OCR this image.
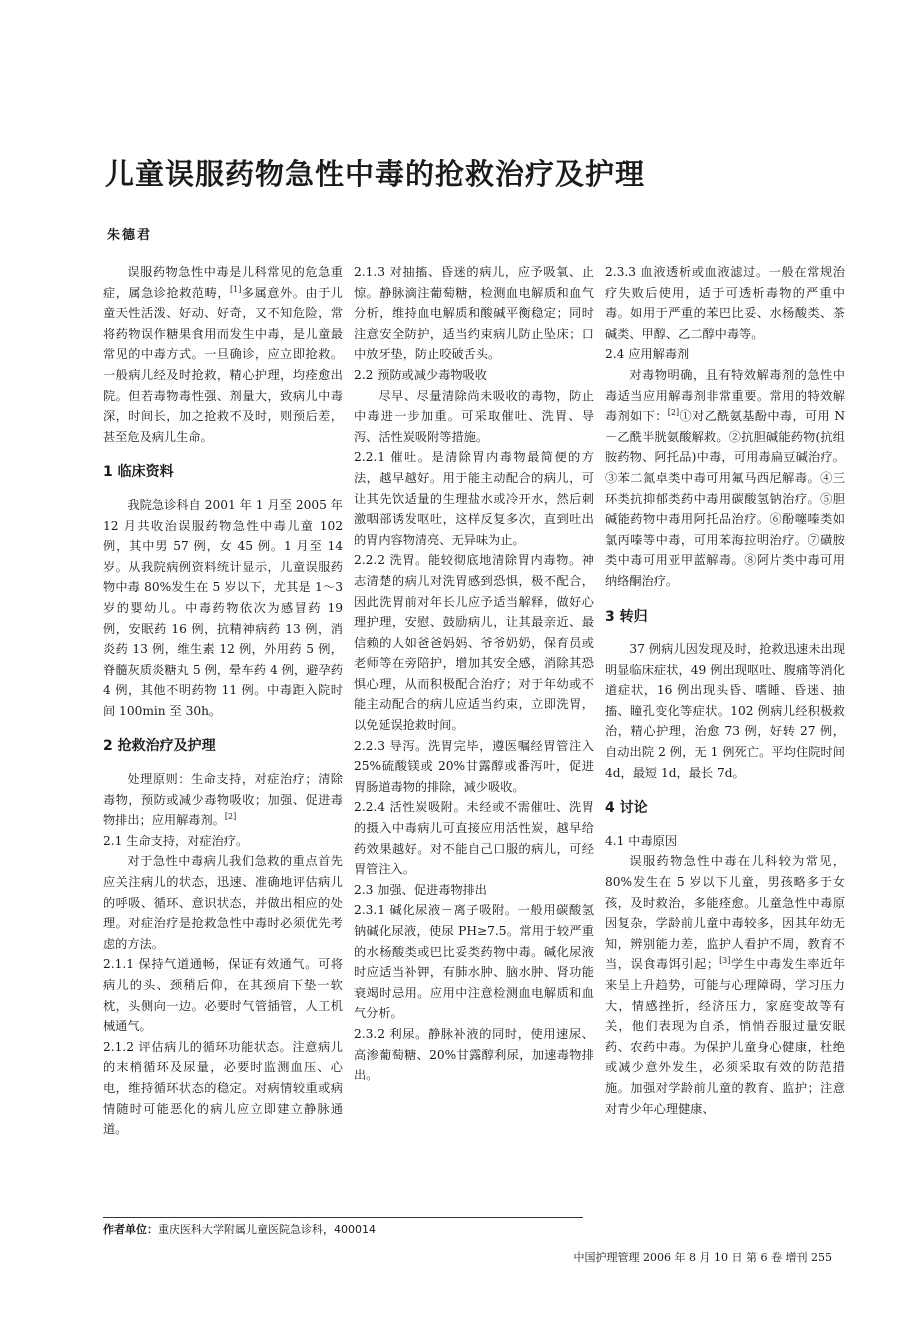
儿童误服药物急性中毒的抢救治疗及护理
朱德君

误服药物急性中毒是儿科常见的危急重症，属急诊抢救范畴，[1]多属意外。由于儿童天性活泼、好动、好奇，又不知危险，常将药物误作糖果食用而发生中毒，是儿童最常见的中毒方式。一旦确诊，应立即抢救。一般病儿经及时抢救，精心护理，均痊愈出院。但若毒物毒性强、剂量大，致病儿中毒深，时间长，加之抢救不及时，则预后差，甚至危及病儿生命。

1 临床资料

我院急诊科自 2001 年 1 月至 2005 年 12 月共收治误服药物急性中毒儿童 102 例，其中男 57 例，女 45 例。1 月至 14 岁。从我院病例资料统计显示，儿童误服药物中毒 80%发生在 5 岁以下，尤其是 1～3 岁的婴幼儿。中毒药物依次为感冒药 19 例，安眠药 16 例，抗精神病药 13 例，消炎药 13 例，维生素 12 例，外用药 5 例，脊髓灰质炎糖丸 5 例，晕车药 4 例，避孕药 4 例，其他不明药物 11 例。中毒距入院时间 100min 至 30h。

2 抢救治疗及护理

处理原则：生命支持，对症治疗；清除毒物，预防或减少毒物吸收；加强、促进毒物排出；应用解毒剂。[2]

2.1 生命支持，对症治疗。

对于急性中毒病儿我们急救的重点首先应关注病儿的状态，迅速、准确地评估病儿的呼吸、循环、意识状态，并做出相应的处理。对症治疗是抢救急性中毒时必须优先考虑的方法。

2.1.1 保持气道通畅，保证有效通气。可将病儿的头、颈稍后仰，在其颈肩下垫一软枕，头侧向一边。必要时气管插管，人工机械通气。

2.1.2 评估病儿的循环功能状态。注意病儿的末梢循环及尿量，必要时监测血压、心电，维持循环状态的稳定。对病情较重或病情随时可能恶化的病儿应立即建立静脉通道。

2.1.3 对抽搐、昏迷的病儿，应予吸氧、止惊。静脉滴注葡萄糖，检测血电解质和血气分析，维持血电解质和酸碱平衡稳定；同时注意安全防护，适当约束病儿防止坠床；口中放牙垫，防止咬破舌头。

2.2 预防或减少毒物吸收

尽早、尽量清除尚未吸收的毒物，防止中毒进一步加重。可采取催吐、洗胃、导泻、活性炭吸附等措施。

2.2.1 催吐。是清除胃内毒物最简便的方法，越早越好。用于能主动配合的病儿，可让其先饮适量的生理盐水或冷开水，然后刺激咽部诱发呕吐，这样反复多次，直到吐出的胃内容物清亮、无异味为止。

2.2.2 洗胃。能较彻底地清除胃内毒物。神志清楚的病儿对洗胃感到恐惧，极不配合，因此洗胃前对年长儿应予适当解释，做好心理护理，安慰、鼓励病儿，让其最亲近、最信赖的人如爸爸妈妈、爷爷奶奶，保育员或老师等在旁陪护，增加其安全感，消除其恐惧心理，从而积极配合治疗；对于年幼或不能主动配合的病儿应适当约束，立即洗胃，以免延误抢救时间。

2.2.3 导泻。洗胃完毕，遵医嘱经胃管注入 25%硫酸镁或 20%甘露醇或番泻叶，促进胃肠道毒物的排除，减少吸收。

2.2.4 活性炭吸附。未经或不需催吐、洗胃的摄入中毒病儿可直接应用活性炭，越早给药效果越好。对不能自己口服的病儿，可经胃管注入。

2.3 加强、促进毒物排出

2.3.1 碱化尿液－离子吸附。一般用碳酸氢钠碱化尿液，使尿 PH≥7.5。常用于较严重的水杨酸类或巴比妥类药物中毒。碱化尿液时应适当补钾，有肺水肿、脑水肿、肾功能衰竭时忌用。应用中注意检测血电解质和血气分析。

2.3.2 利尿。静脉补液的同时，使用速尿、高渗葡萄糖、20%甘露醇利尿，加速毒物排出。

2.3.3 血液透析或血液滤过。一般在常规治疗失败后使用，适于可透析毒物的严重中毒。如用于严重的苯巴比妥、水杨酸类、茶碱类、甲醇、乙二醇中毒等。

2.4 应用解毒剂

对毒物明确，且有特效解毒剂的急性中毒适当应用解毒剂非常重要。常用的特效解毒剂如下：[2]①对乙酰氨基酚中毒，可用 N－乙酰半胱氨酸解救。②抗胆碱能药物(抗组胺药物、阿托品)中毒，可用毒扁豆碱治疗。③苯二氮卓类中毒可用氟马西尼解毒。④三环类抗抑郁类药中毒用碳酸氢钠治疗。⑤胆碱能药物中毒用阿托品治疗。⑥酚噻嗪类如氯丙嗪等中毒，可用苯海拉明治疗。⑦磺胺类中毒可用亚甲蓝解毒。⑧阿片类中毒可用纳络酮治疗。

3 转归

37 例病儿因发现及时，抢救迅速未出现明显临床症状，49 例出现呕吐、腹痛等消化道症状，16 例出现头昏、嗜睡、昏迷、抽搐、瞳孔变化等症状。102 例病儿经积极救治，精心护理，治愈 73 例，好转 27 例，自动出院 2 例，无 1 例死亡。平均住院时间 4d，最短 1d，最长 7d。

4 讨论

4.1 中毒原因

误服药物急性中毒在儿科较为常见，80%发生在 5 岁以下儿童，男孩略多于女孩，及时救治，多能痊愈。儿童急性中毒原因复杂，学龄前儿童中毒较多，因其年幼无知，辨别能力差，监护人看护不周，教育不当，误食毒饵引起；[3]学生中毒发生率近年来呈上升趋势，可能与心理障碍，学习压力大，情感挫折，经济压力，家庭变故等有关，他们表现为自杀，悄悄吞服过量安眠药、农药中毒。为保护儿童身心健康，杜绝或减少意外发生，必须采取有效的防范措施。加强对学龄前儿童的教育、监护；注意对青少年心理健康、

作者单位：重庆医科大学附属儿童医院急诊科，400014
中国护理管理 2006 年 8 月 10 日 第 6 卷 增刊 255
